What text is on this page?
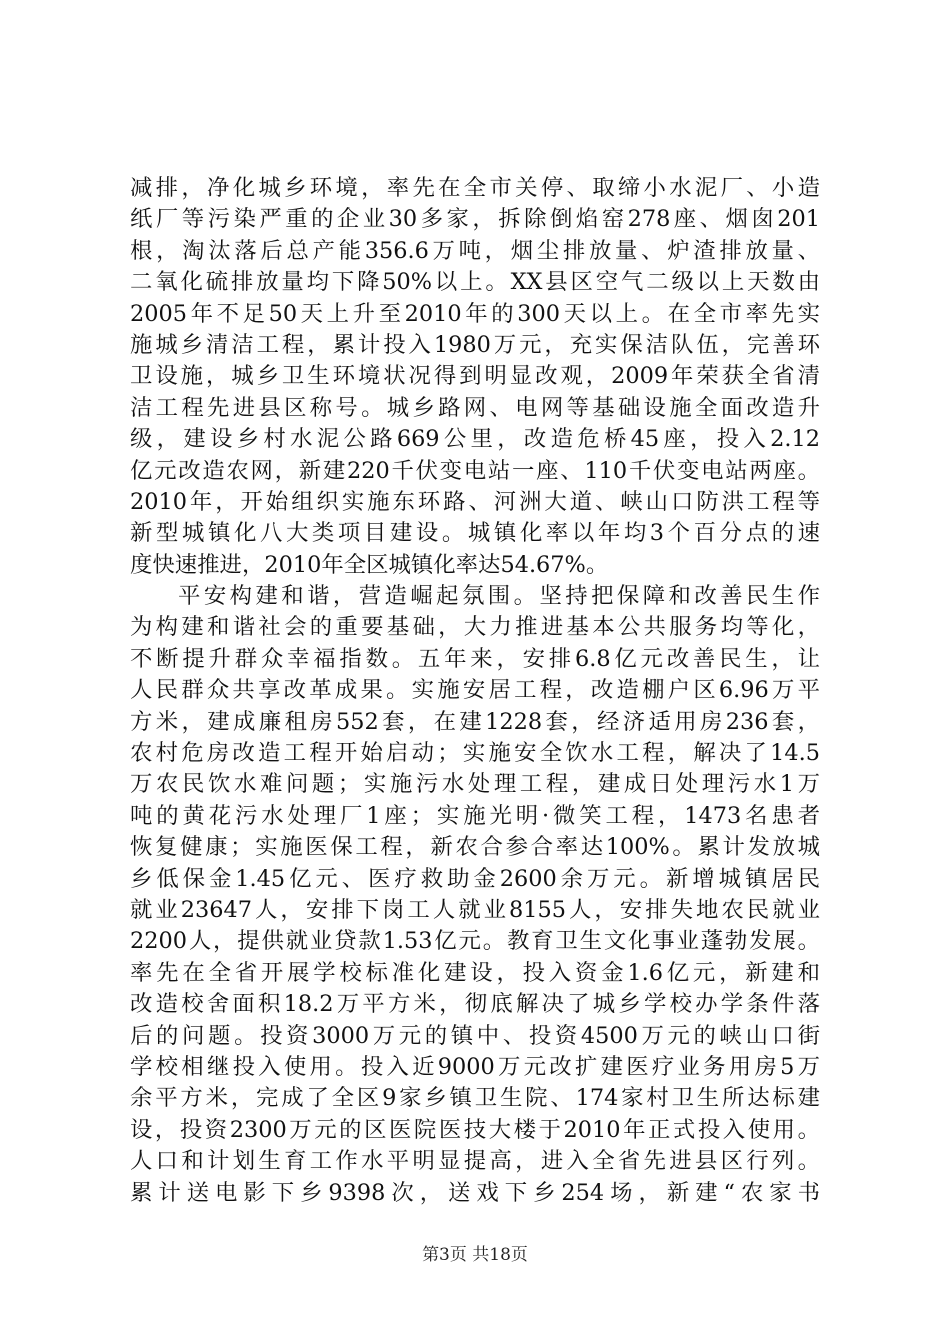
减排，净化城乡环境，率先在全市关停、取缔小水泥厂、小造
纸厂等污染严重的企业30多家，拆除倒焰窑278座、烟囱201
根，淘汰落后总产能356.6万吨，烟尘排放量、炉渣排放量、
二氧化硫排放量均下降50%以上。XX县区空气二级以上天数由
2005年不足50天上升至2010年的300天以上。在全市率先实
施城乡清洁工程，累计投入1980万元，充实保洁队伍，完善环
卫设施，城乡卫生环境状况得到明显改观，2009年荣获全省清
洁工程先进县区称号。城乡路网、电网等基础设施全面改造升
级，建设乡村水泥公路669公里，改造危桥45座，投入2.12
亿元改造农网，新建220千伏变电站一座、110千伏变电站两座。
2010年，开始组织实施东环路、河洲大道、峡山口防洪工程等
新型城镇化八大类项目建设。城镇化率以年均3个百分点的速
度快速推进，2010年全区城镇化率达54.67%。
平安构建和谐，营造崛起氛围。坚持把保障和改善民生作
为构建和谐社会的重要基础，大力推进基本公共服务均等化，
不断提升群众幸福指数。五年来，安排6.8亿元改善民生，让
人民群众共享改革成果。实施安居工程，改造棚户区6.96万平
方米，建成廉租房552套，在建1228套，经济适用房236套，
农村危房改造工程开始启动；实施安全饮水工程，解决了14.5
万农民饮水难问题；实施污水处理工程，建成日处理污水1万
吨的黄花污水处理厂1座；实施光明·微笑工程，1473名患者
恢复健康；实施医保工程，新农合参合率达100%。累计发放城
乡低保金1.45亿元、医疗救助金2600余万元。新增城镇居民
就业23647人，安排下岗工人就业8155人，安排失地农民就业
2200人，提供就业贷款1.53亿元。教育卫生文化事业蓬勃发展。
率先在全省开展学校标准化建设，投入资金1.6亿元，新建和
改造校舍面积18.2万平方米，彻底解决了城乡学校办学条件落
后的问题。投资3000万元的镇中、投资4500万元的峡山口街
学校相继投入使用。投入近9000万元改扩建医疗业务用房5万
余平方米，完成了全区9家乡镇卫生院、174家村卫生所达标建
设，投资2300万元的区医院医技大楼于2010年正式投入使用。
人口和计划生育工作水平明显提高，进入全省先进县区行列。
累计送电影下乡9398次，送戏下乡254场，新建“农家书
第3页 共18页
